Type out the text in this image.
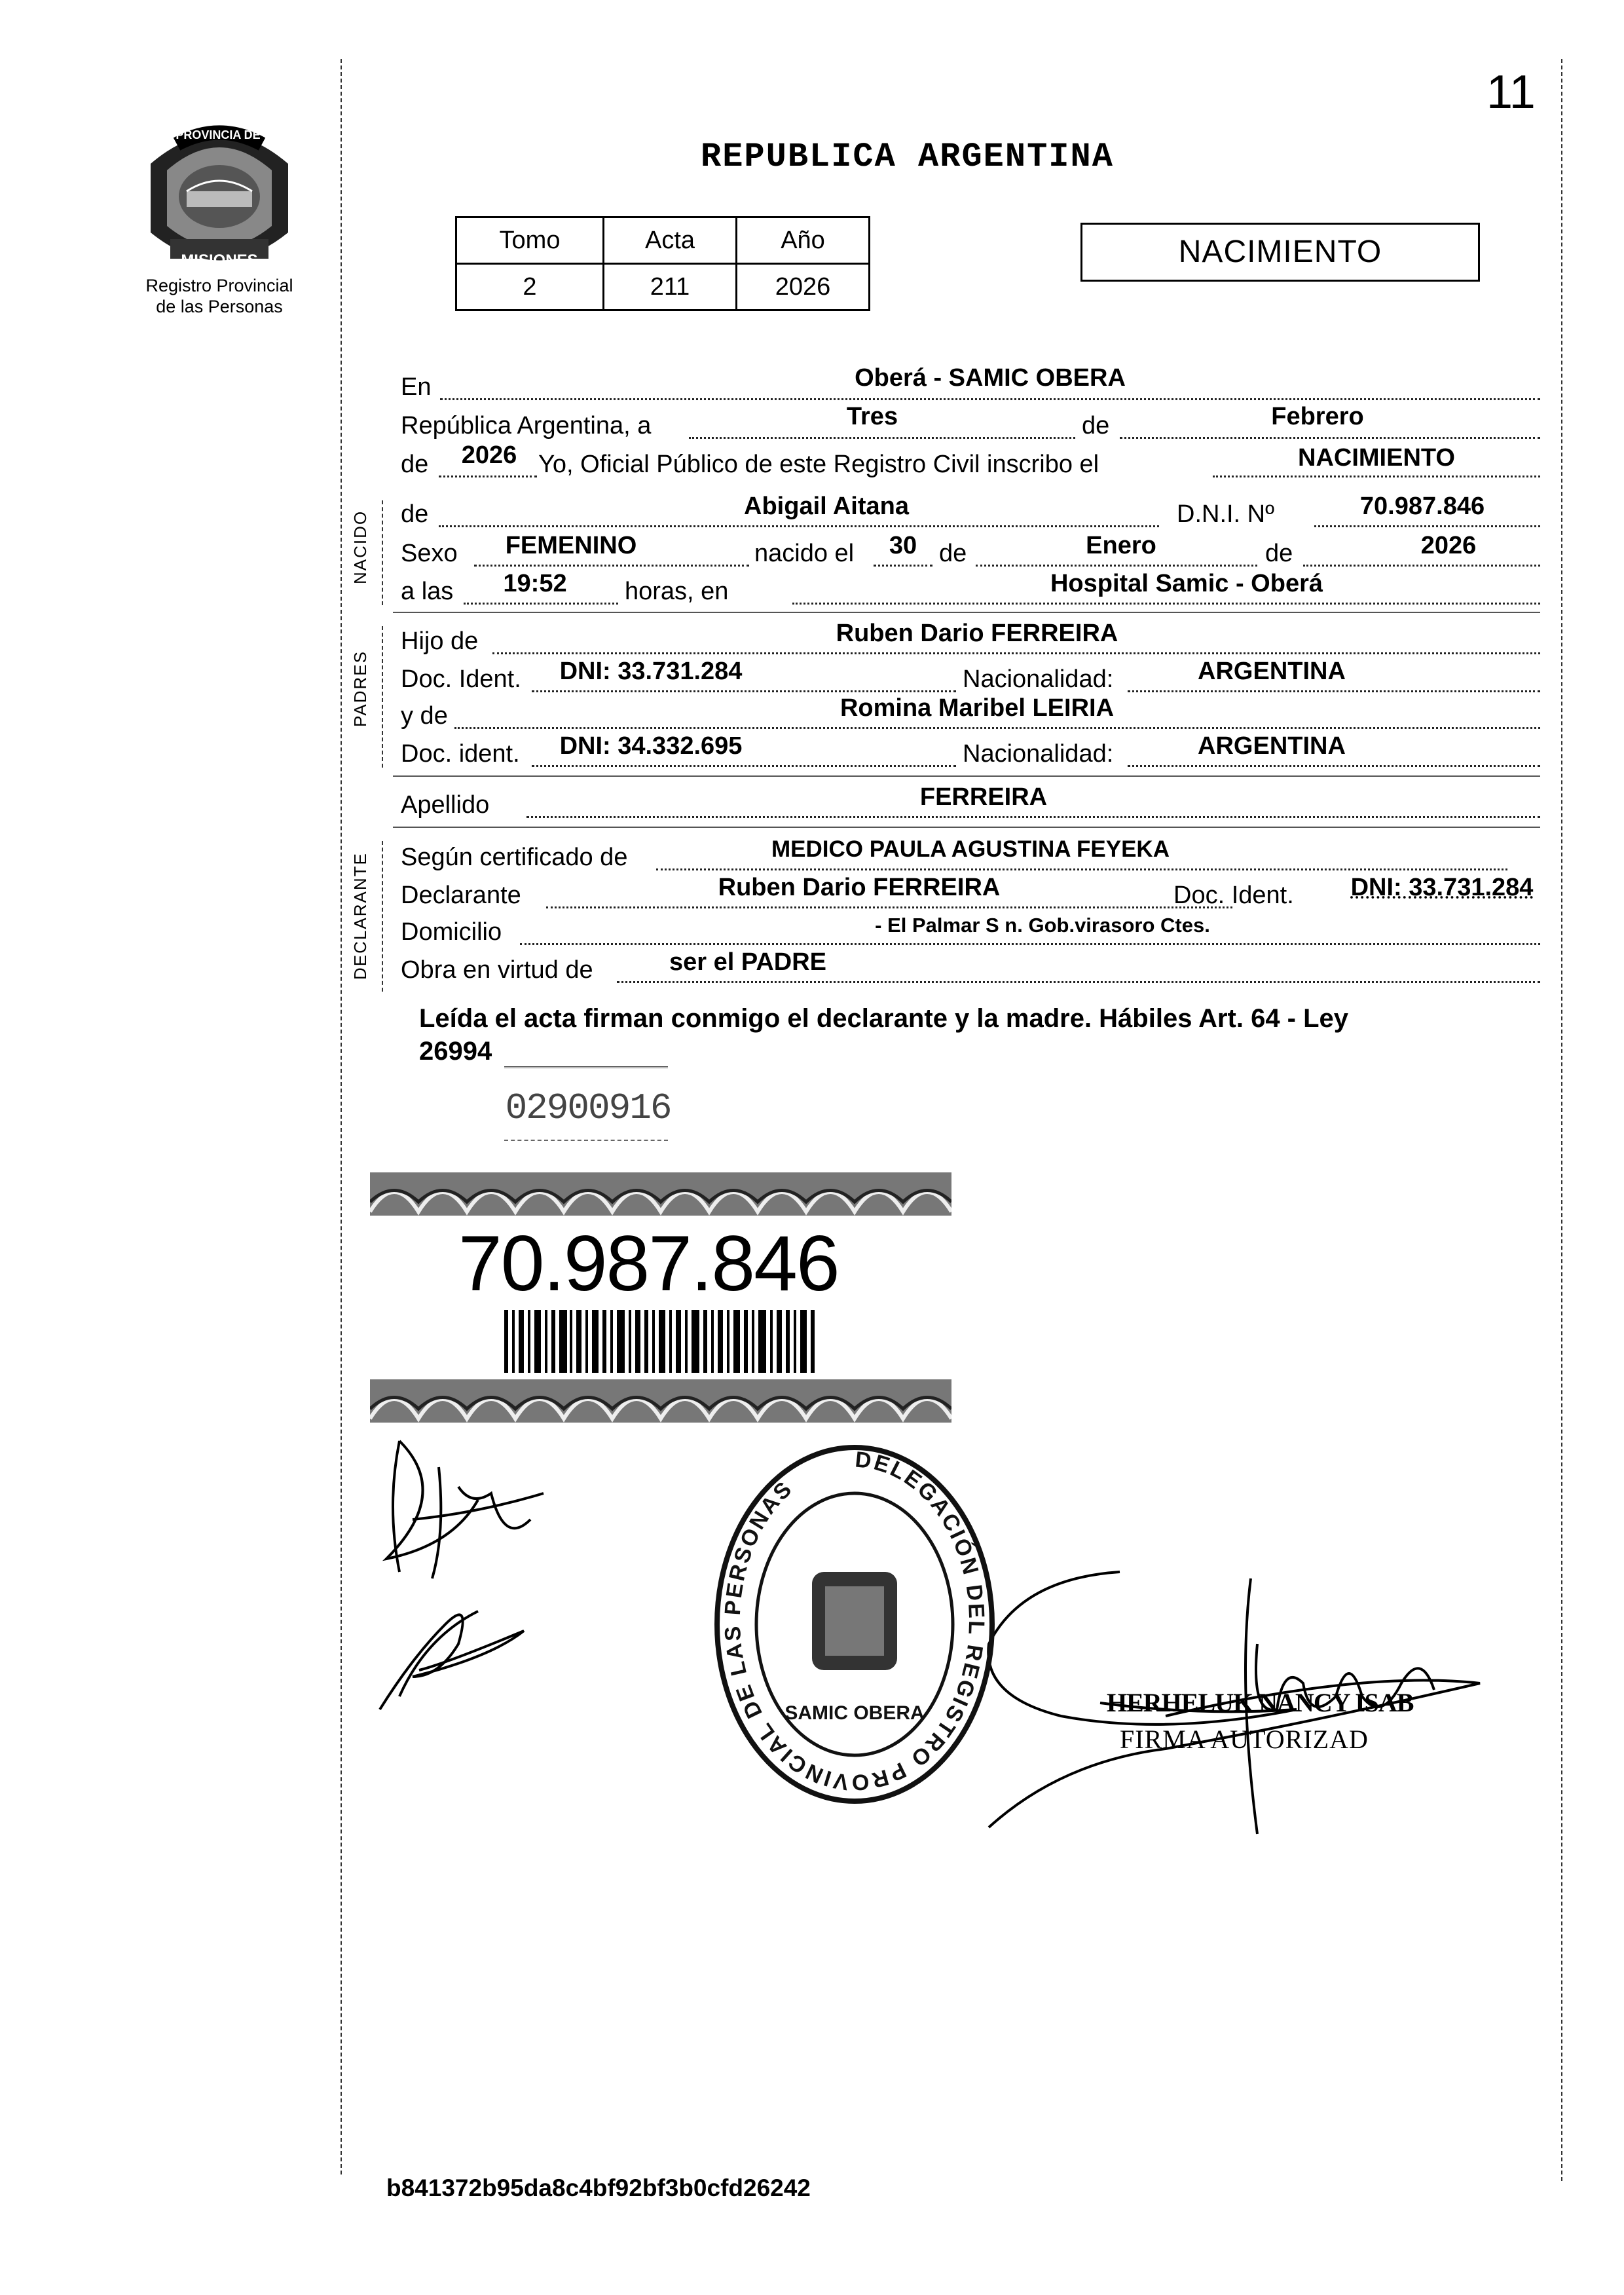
11
PROVINCIA DE
MISIONES
Registro Provincial
de las Personas
REPUBLICA ARGENTINA
Tomo	Acta	Año
2	211	2026
NACIMIENTO
En	Oberá - SAMIC OBERA
República Argentina, a	Tres	de	Febrero
de	2026 Yo, Oficial Público de este Registro Civil inscribo el	NACIMIENTO
NACIDO de	Abigail Aitana	D.N.I. Nº	70.987.846
Sexo	FEMENINO	nacido el	30 de	Enero	de	2026
a las	19:52	horas, en	Hospital Samic - Oberá
PADRES
Hijo de	Ruben Dario FERREIRA
Doc. Ident.	DNI: 33.731.284	Nacionalidad:	ARGENTINA
y de	Romina Maribel LEIRIA
Doc. ident.	DNI: 34.332.695	Nacionalidad:	ARGENTINA
Apellido	FERREIRA
DECLARANTE Según certificado de	MEDICO PAULA AGUSTINA FEYEKA
Declarante	Ruben Dario FERREIRA	Doc. Ident.	DNI: 33.731.284
Domicilio	- El Palmar S n. Gob.virasoro Ctes.
Obra en virtud de	ser el PADRE
Leída el acta firman conmigo el declarante y la madre. Hábiles Art. 64 - Ley
26994
02900916
70.987.846
HERHELUK NANCY ISAB
FIRMA AUTORIZAD
DELEGACIÓN DEL REGISTRO PROVINCIAL DE LAS PERSONAS
SAMIC OBERA
b841372b95da8c4bf92bf3b0cfd26242
